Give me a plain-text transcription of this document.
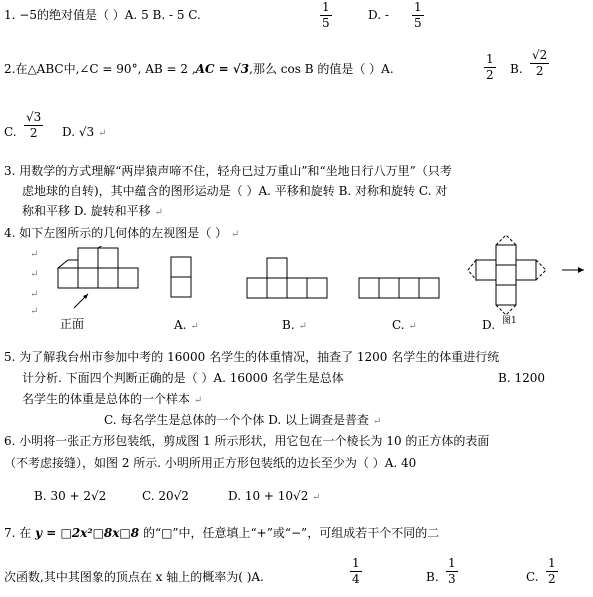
1. −5的绝对值是（ ）A. 5 B. - 5 C.	$\frac{1}{5}$	D. - $\frac{1}{5}$
2.在△ABC中,∠C = 90°, AB = 2 ,AC = √3,那么 cos B 的值是（ ）A.	$\frac{1}{2} B$. $\frac{√2}{2}$
C. $\frac{√3}{2} D$. √3 ↵
3. 用数学的方式理解“两岸猿声啼不住，轻舟已过万重山”和“坐地日行八万里”（只考
虑地球的自转)，其中蕴含的图形运动是（ ）A. 平移和旋转 B. 对称和旋转 C. 对
称和平移 D. 旋转和平移 ↵
4. 如下左图所示的几何体的左视图是（ ） ↵
↵
↵
↵
↵
正面	A. ↵	B. ↵	C. ↵	D. 图1
5. 为了解我台州市参加中考的 16000 名学生的体重情况，抽查了 1200 名学生的体重进行统
计分析. 下面四个判断正确的是（ ）A. 16000 名学生是总体	B. 1200
名学生的体重是总体的一个样本 ↵
C. 每名学生是总体的一个个体 D. 以上调查是普查 ↵
6. 小明将一张正方形包装纸，剪成图 1 所示形状，用它包在一个棱长为 10 的正方体的表面
（不考虑接缝），如图 2 所示. 小明所用正方形包装纸的边长至少为（ ）A. 40
B. 30 + 2√2	C. 20√2	D. 10 + 10√2 ↵
7. 在 y = □2x²□8x□8 的“□”中，任意填上“+”或“−”，可组成若干个不同的二
次函数,其中其图象的顶点在 x 轴上的概率为( )A.	$\frac{1}{4}$	B. $\frac{1}{3}$	C. $\frac{1}{2}$
